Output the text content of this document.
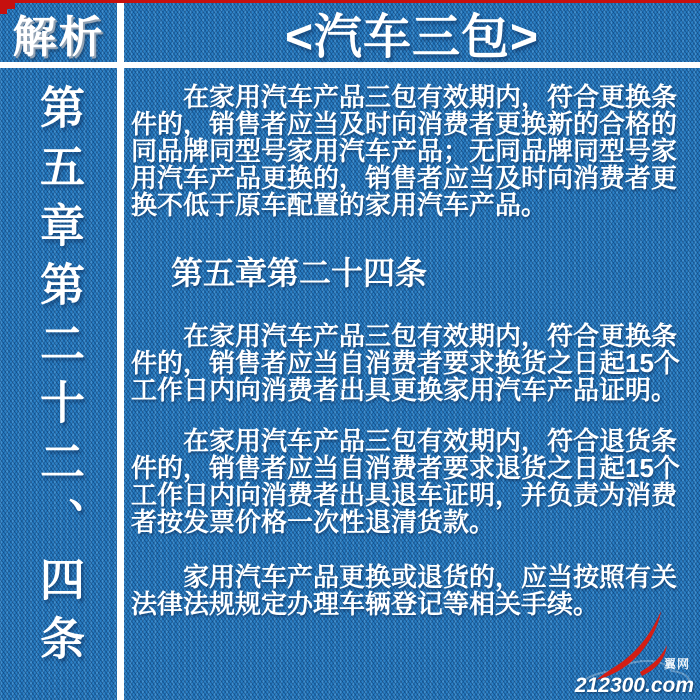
解析	<汽车三包>
第五章第二十二、四条	在家用汽车产品三包有效期内，符合更换条件的，销售者应当及时向消费者更换新的合格的同品牌同型号家用汽车产品；无同品牌同型号家用汽车产品更换的，销售者应当及时向消费者更换不低于原车配置的家用汽车产品。

第五章第二十四条

在家用汽车产品三包有效期内，符合更换条件的，销售者应当自消费者要求换货之日起15个工作日内向消费者出具更换家用汽车产品证明。

在家用汽车产品三包有效期内，符合退货条件的，销售者应当自消费者要求退货之日起15个工作日内向消费者出具退车证明，并负责为消费者按发票价格一次性退清货款。

家用汽车产品更换或退货的，应当按照有关法律法规规定办理车辆登记等相关手续。

翼网
212300.com
